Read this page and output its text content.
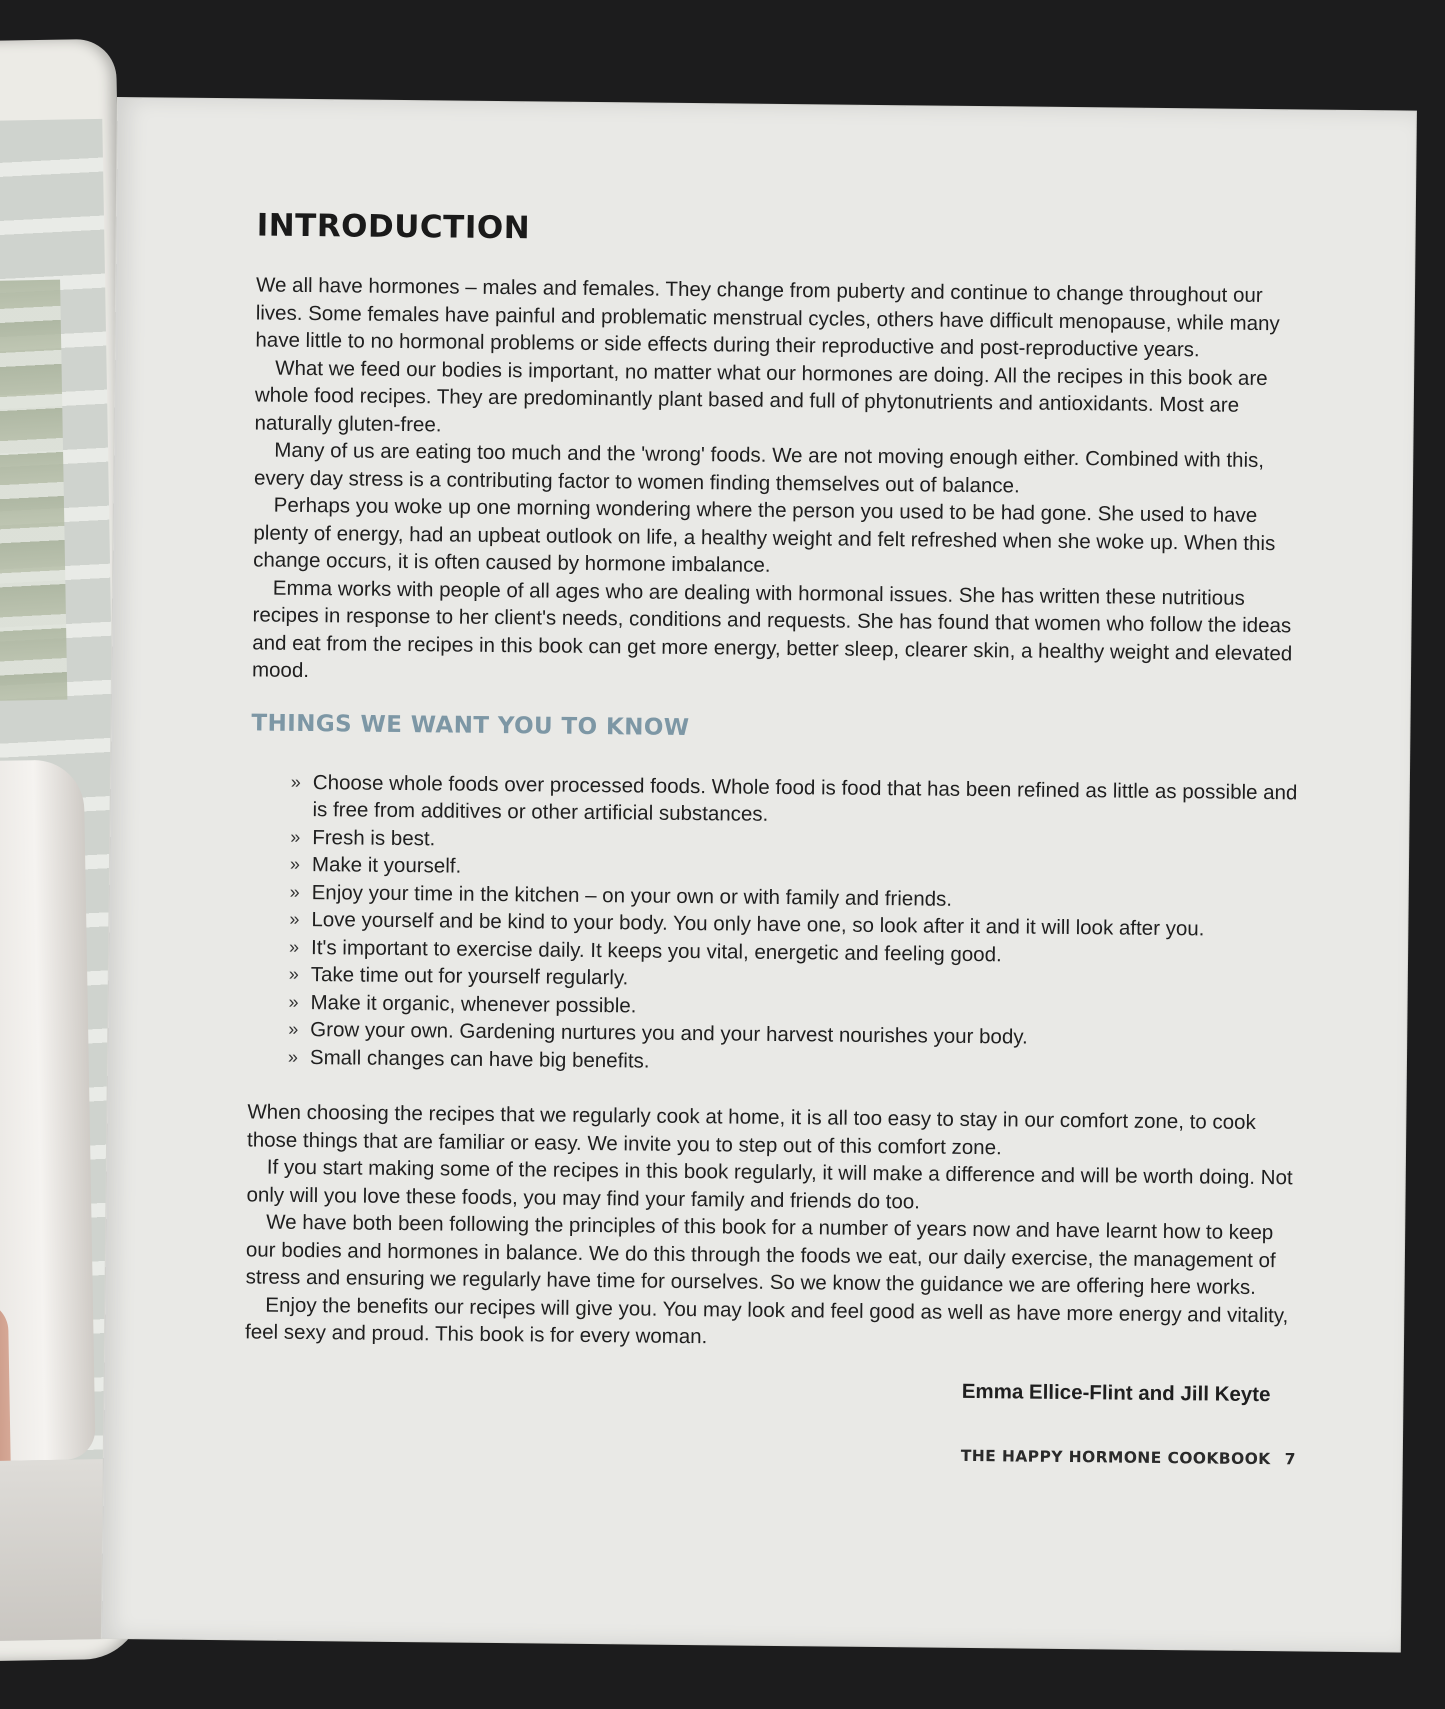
INTRODUCTION

We all have hormones – males and females. They change from puberty and continue to change throughout our lives. Some females have painful and problematic menstrual cycles, others have difficult menopause, while many have little to no hormonal problems or side effects during their reproductive and post-reproductive years.

What we feed our bodies is important, no matter what our hormones are doing. All the recipes in this book are whole food recipes. They are predominantly plant based and full of phytonutrients and antioxidants. Most are naturally gluten-free.

Many of us are eating too much and the 'wrong' foods. We are not moving enough either. Combined with this, every day stress is a contributing factor to women finding themselves out of balance.

Perhaps you woke up one morning wondering where the person you used to be had gone. She used to have plenty of energy, had an upbeat outlook on life, a healthy weight and felt refreshed when she woke up. When this change occurs, it is often caused by hormone imbalance.

Emma works with people of all ages who are dealing with hormonal issues. She has written these nutritious recipes in response to her client's needs, conditions and requests. She has found that women who follow the ideas and eat from the recipes in this book can get more energy, better sleep, clearer skin, a healthy weight and elevated mood.

THINGS WE WANT YOU TO KNOW
» Choose whole foods over processed foods. Whole food is food that has been refined as little as possible and is free from additives or other artificial substances.
» Fresh is best.
» Make it yourself.
» Enjoy your time in the kitchen – on your own or with family and friends.
» Love yourself and be kind to your body. You only have one, so look after it and it will look after you.
» It's important to exercise daily. It keeps you vital, energetic and feeling good.
» Take time out for yourself regularly.
» Make it organic, whenever possible.
» Grow your own. Gardening nurtures you and your harvest nourishes your body.
» Small changes can have big benefits.

When choosing the recipes that we regularly cook at home, it is all too easy to stay in our comfort zone, to cook those things that are familiar or easy. We invite you to step out of this comfort zone.

If you start making some of the recipes in this book regularly, it will make a difference and will be worth doing. Not only will you love these foods, you may find your family and friends do too.

We have both been following the principles of this book for a number of years now and have learnt how to keep our bodies and hormones in balance. We do this through the foods we eat, our daily exercise, the management of stress and ensuring we regularly have time for ourselves. So we know the guidance we are offering here works.

Enjoy the benefits our recipes will give you. You may look and feel good as well as have more energy and vitality, feel sexy and proud. This book is for every woman.

Emma Ellice-Flint and Jill Keyte
THE HAPPY HORMONE COOKBOOK 7
